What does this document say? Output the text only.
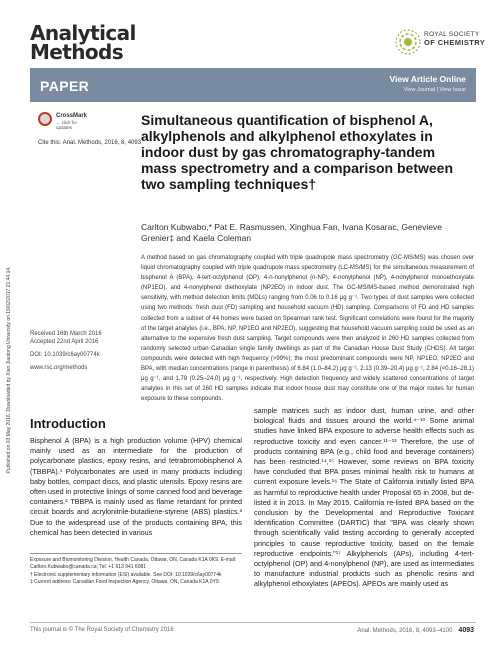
Analytical
Methods
ROYAL SOCIETY
OF CHEMISTRY
PAPER	View Article Online
View Journal | View Issue
Published on 03 May 2016. Downloaded by Xian Jiaotong University on 19/02/2017 21:44:14.
CrossMark
← click for updates
Cite this: Anal. Methods, 2016, 8, 4093
Simultaneous quantification of bisphenol A, alkylphenols and alkylphenol ethoxylates in indoor dust by gas chromatography-tandem mass spectrometry and a comparison between two sampling techniques†
Carlton Kubwabo,* Pat E. Rasmussen, Xinghua Fan, Ivana Kosarac, Genevieve Grenier‡ and Kaela Coleman

A method based on gas chromatography coupled with triple quadrupole mass spectrometry (GC-MS/MS) was chosen over liquid chromatography coupled with triple quadrupole mass spectrometry (LC-MS/MS) for the simultaneous measurement of bisphenol A (BPA), 4-tert-octylphenol (OP), 4-n-nonylphenol (n-NP), 4-nonylphenol (NP), 4-nonylphenol monoethoxylate (NP1EO), and 4-nonylphenol diethoxylate (NP2EO) in indoor dust. The GC-MS/MS-based method demonstrated high sensitivity, with method detection limits (MDLs) ranging from 0.06 to 0.16 μg g⁻¹. Two types of dust samples were collected using two methods: fresh dust (FD) sampling and household vacuum (HD) sampling. Comparisons of FD and HD samples collected from a subset of 44 homes were based on Spearman rank test. Significant correlations were found for the majority of the target analytes (i.e., BPA, NP, NP1EO and NP2EO), suggesting that household vacuum sampling could be used as an alternative to the expensive fresh dust sampling. Target compounds were then analyzed in 260 HD samples collected from randomly selected urban Canadian single family dwellings as part of the Canadian House Dust Study (CHDS). All target compounds were detected with high frequency (>99%); the most predominant compounds were NP, NP1EO, NP2EO and BPA, with median concentrations (range in parenthesis) of 6.84 (1.0–84.2) μg g⁻¹, 2.13 (0.39–20.4) μg g⁻¹, 2.84 (<0.16–28.1) μg g⁻¹, and 1.78 (0.25–24.0) μg g⁻¹, respectively. High detection frequency and widely scattered concentrations of target analytes in this set of 260 HD samples indicate that indoor house dust may constitute one of the major routes for human exposure to these compounds.

Received 16th March 2016
Accepted 22nd April 2016
DOI: 10.1039/c6ay00774k
www.rsc.org/methods
Introduction

Bisphenol A (BPA) is a high production volume (HPV) chemical mainly used as an intermediate for the production of polycarbonate plastics, epoxy resins, and tetrabromobisphenol A (TBBPA).¹ Polycarbonates are used in many products including baby bottles, compact discs, and plastic utensils. Epoxy resins are often used in protective linings of some canned food and beverage containers.² TBBPA is mainly used as flame retardant for printed circuit boards and acrylonitrile-butadiene-styrene (ABS) plastics.³ Due to the widespread use of the products containing BPA, this chemical has been detected in various

sample matrices such as indoor dust, human urine, and other biological fluids and tissues around the world.⁴⁻¹⁰ Some animal studies have linked BPA exposure to adverse health effects such as reproductive toxicity and even cancer.¹¹⁻¹³ Therefore, the use of products containing BPA (e.g., child food and beverage containers) has been restricted.¹⁴,¹⁵ However, some reviews on BPA toxicity have concluded that BPA poses minimal health risk to humans at current exposure levels.¹⁶ The State of California initially listed BPA as harmful to reproductive health under Proposal 65 in 2008, but de-listed it in 2013. In May 2015, California re-listed BPA based on the conclusion by the Developmental and Reproductive Toxicant Identification Committee (DARTIC) that "BPA was clearly shown through scientifically valid testing according to generally accepted principles to cause reproductive toxicity, based on the female reproductive endpoints."¹⁷ Alkylphenols (APs), including 4-tert-octylphenol (OP) and 4-nonylphenol (NP), are used as intermediates to manufacture industrial products such as phenolic resins and alkylphenol ethoxylates (APEOs). APEOs are mainly used as

Exposure and Biomonitoring Division, Health Canada, Ottawa, ON, Canada K1A 0K9. E-mail: Carlton.Kubwabo@canada.ca; Tel: +1 613 941 6081

† Electronic supplementary information (ESI) available. See DOI: 10.1039/c6ay00774k

‡ Current address: Canadian Food Inspection Agency, Ottawa, ON, Canada K1A 0Y9.

This journal is © The Royal Society of Chemistry 2016	Anal. Methods, 2016, 8, 4093–4100 4093
